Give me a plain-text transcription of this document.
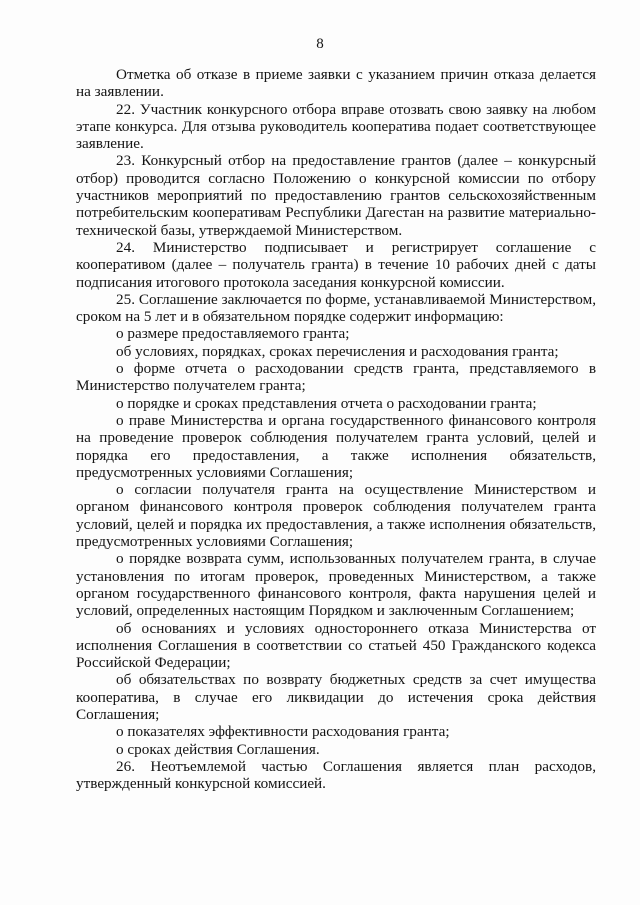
8

Отметка об отказе в приеме заявки с указанием причин отказа делается на заявлении.

22. Участник конкурсного отбора вправе отозвать свою заявку на любом этапе конкурса. Для отзыва руководитель кооператива подает соответствующее заявление.

23. Конкурсный отбор на предоставление грантов (далее – конкурсный отбор) проводится согласно Положению о конкурсной комиссии по отбору участников мероприятий по предоставлению грантов сельскохозяйственным потребительским кооперативам Республики Дагестан на развитие материально-технической базы, утверждаемой Министерством.

24. Министерство подписывает и регистрирует соглашение с кооперативом (далее – получатель гранта) в течение 10 рабочих дней с даты подписания итогового протокола заседания конкурсной комиссии.

25. Соглашение заключается по форме, устанавливаемой Министерством, сроком на 5 лет и в обязательном порядке содержит информацию:

о размере предоставляемого гранта;

об условиях, порядках, сроках перечисления и расходования гранта;

о форме отчета о расходовании средств гранта, представляемого в Министерство получателем гранта;

о порядке и сроках представления отчета о расходовании гранта;

о праве Министерства и органа государственного финансового контроля на проведение проверок соблюдения получателем гранта условий, целей и порядка его предоставления, а также исполнения обязательств, предусмотренных условиями Соглашения;

о согласии получателя гранта на осуществление Министерством и органом финансового контроля проверок соблюдения получателем гранта условий, целей и порядка их предоставления, а также исполнения обязательств, предусмотренных условиями Соглашения;

о порядке возврата сумм, использованных получателем гранта, в случае установления по итогам проверок, проведенных Министерством, а также органом государственного финансового контроля, факта нарушения целей и условий, определенных настоящим Порядком и заключенным Соглашением;

об основаниях и условиях одностороннего отказа Министерства от исполнения Соглашения в соответствии со статьей 450 Гражданского кодекса Российской Федерации;

об обязательствах по возврату бюджетных средств за счет имущества кооператива, в случае его ликвидации до истечения срока действия Соглашения;

о показателях эффективности расходования гранта;

о сроках действия Соглашения.

26. Неотъемлемой частью Соглашения является план расходов, утвержденный конкурсной комиссией.
